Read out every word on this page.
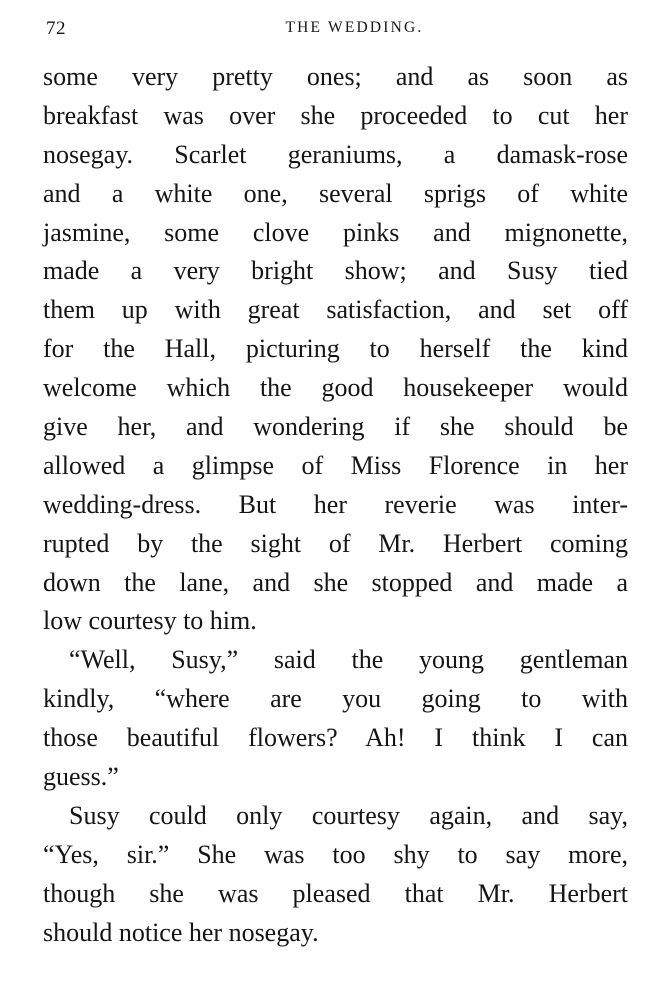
72	THE WEDDING.
some very pretty ones; and as soon as
breakfast was over she proceeded to cut her
nosegay. Scarlet geraniums, a damask-rose
and a white one, several sprigs of white
jasmine, some clove pinks and mignonette,
made a very bright show; and Susy tied
them up with great satisfaction, and set off
for the Hall, picturing to herself the kind
welcome which the good housekeeper would
give her, and wondering if she should be
allowed a glimpse of Miss Florence in her
wedding-dress. But her reverie was inter-
rupted by the sight of Mr. Herbert coming
down the lane, and she stopped and made a
low courtesy to him.
“Well, Susy,” said the young gentleman
kindly, “where are you going to with
those beautiful flowers? Ah! I think I can
guess.”
Susy could only courtesy again, and say,
“Yes, sir.” She was too shy to say more,
though she was pleased that Mr. Herbert
should notice her nosegay.
